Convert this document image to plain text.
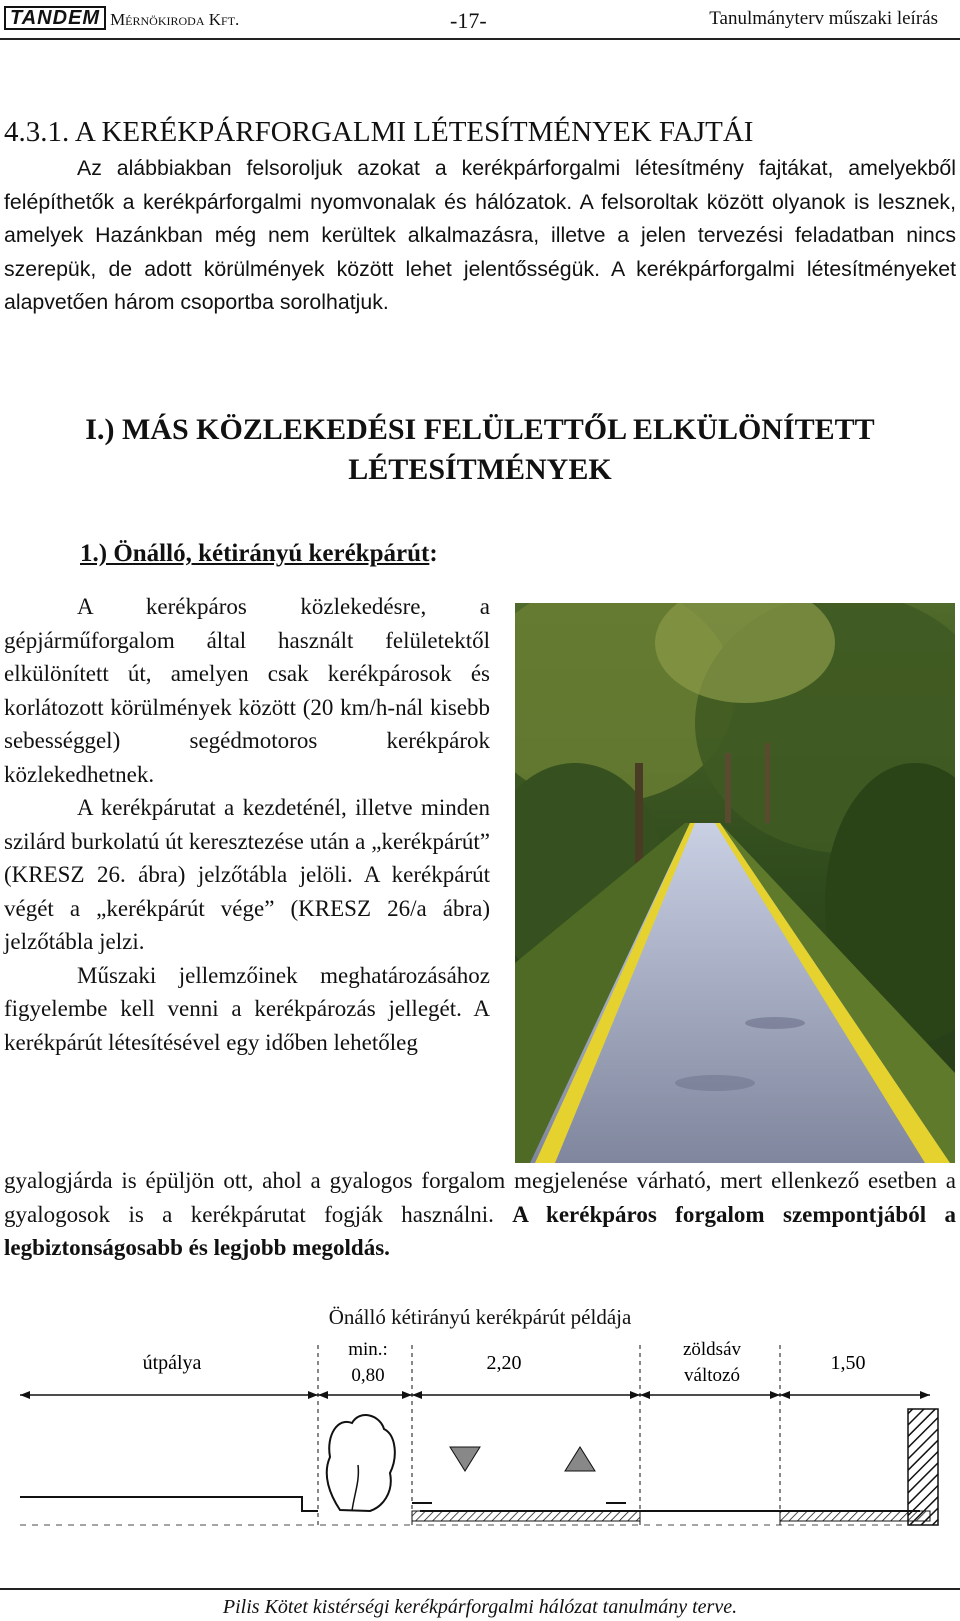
TANDEM Mérnökiroda Kft.	-17-	Tanulmányterv műszaki leírás
4.3.1. A KERÉKPÁRFORGALMI LÉTESÍTMÉNYEK FAJTÁI
Az alábbiakban felsoroljuk azokat a kerékpárforgalmi létesítmény fajtákat, amelyekből felépíthetők a kerékpárforgalmi nyomvonalak és hálózatok. A felsoroltak között olyanok is lesznek, amelyek Hazánkban még nem kerültek alkalmazásra, illetve a jelen tervezési feladatban nincs szerepük, de adott körülmények között lehet jelentősségük. A kerékpárforgalmi létesítményeket alapvetően három csoportba sorolhatjuk.
I.) MÁS KÖZLEKEDÉSI FELÜLETTŐL ELKÜLÖNÍTETT
LÉTESÍTMÉNYEK
1.) Önálló, kétirányú kerékpárút:
A kerékpáros közlekedésre, a gépjárműforgalom által használt felületektől elkülönített út, amelyen csak kerékpárosok és korlátozott körülmények között (20 km/h-nál kisebb sebességgel) segédmotoros kerékpárok közlekedhetnek.
A kerékpárutat a kezdeténél, illetve minden szilárd burkolatú út keresztezése után a „kerékpárút” (KRESZ 26. ábra) jelzőtábla jelöli. A kerékpárút végét a „kerékpárút vége” (KRESZ 26/a ábra) jelzőtábla jelzi.
Műszaki jellemzőinek meghatározásához figyelembe kell venni a kerékpározás jellegét. A kerékpárút létesítésével egy időben lehetőleg
gyalogjárda is épüljön ott, ahol a gyalogos forgalom megjelenése várható, mert ellenkező esetben a gyalogosok is a kerékpárutat fogják használni. A kerékpáros forgalom szempontjából a legbiztonságosabb és legjobb megoldás.
Önálló kétirányú kerékpárút példája
útpálya
min.:
0,80
2,20
zöldsáv
változó
1,50
Pilis Kötet kistérségi kerékpárforgalmi hálózat tanulmány terve.
